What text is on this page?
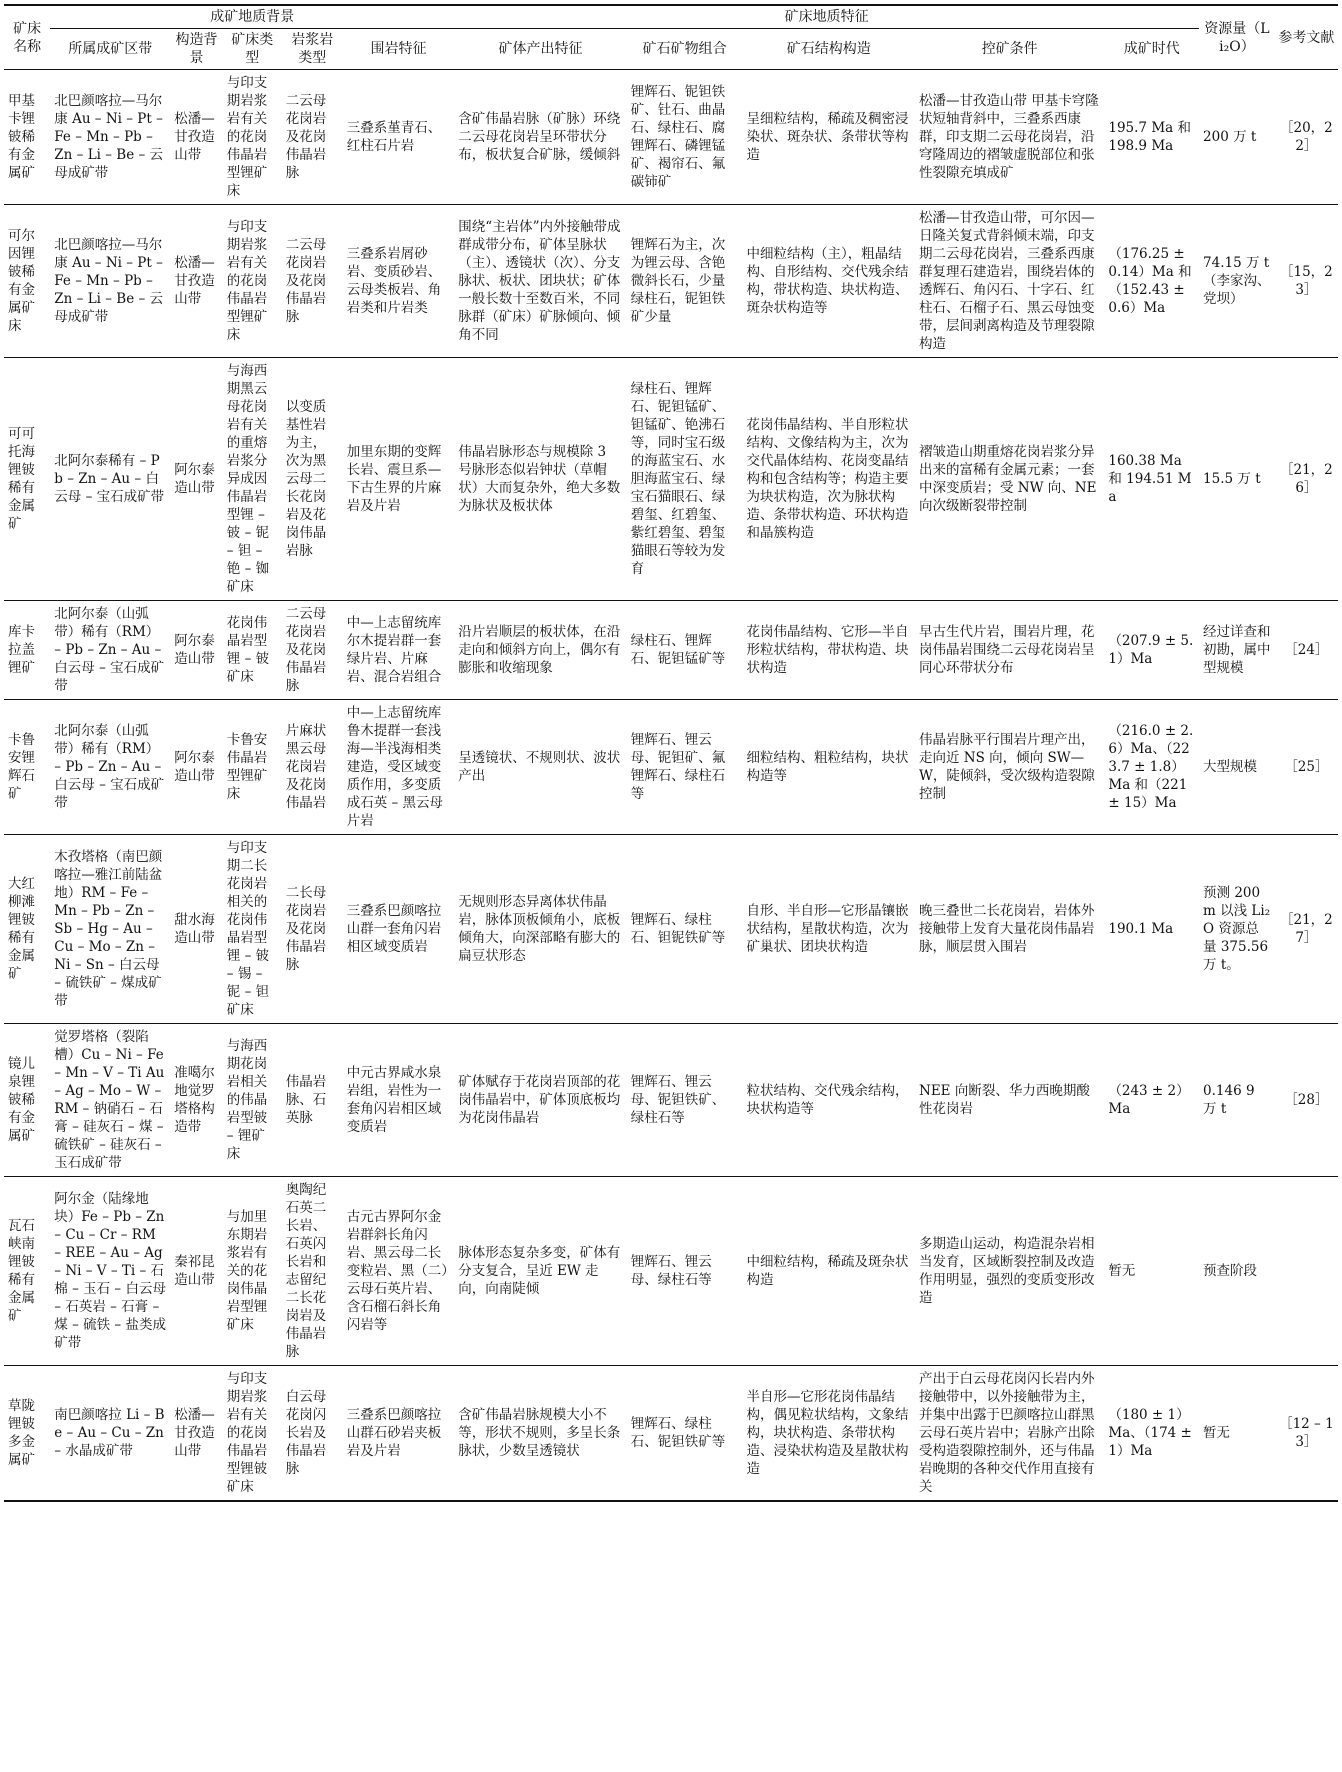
矿床名称	成矿地质背景					矿床地质特征					资源量（Li₂O）	参考文献
	所属成矿区带	构造背景	矿床类型	岩浆岩类型	围岩特征	矿体产出特征	矿石矿物组合	矿石结构构造	控矿条件	成矿时代		
甲基卡锂铍稀有金属矿	北巴颜喀拉—马尔康 Au – Ni – Pt – Fe – Mn – Pb – Zn – Li – Be – 云母成矿带	松潘—甘孜造山带	与印支期岩浆岩有关的花岗伟晶岩型锂矿床	二云母花岗岩及花岗伟晶岩脉	三叠系堇青石、红柱石片岩	含矿伟晶岩脉（矿脉）环绕二云母花岗岩呈环带状分布，板状复合矿脉，缓倾斜	锂辉石、铌钽铁矿、钍石、曲晶石、绿柱石、腐锂辉石、磷锂锰矿、褐帘石、氟碳铈矿	呈细粒结构，稀疏及稠密浸染状、斑杂状、条带状等构造	松潘—甘孜造山带 甲基卡穹隆状短轴背斜中，三叠系西康群，印支期二云母花岗岩，沿穹隆周边的褶皱虚脱部位和张性裂隙充填成矿	195.7 Ma 和 198.9 Ma	200 万 t	［20，22］
可尔因锂铍稀有金属矿床	北巴颜喀拉—马尔康 Au – Ni – Pt – Fe – Mn – Pb – Zn – Li – Be – 云母成矿带	松潘—甘孜造山带	与印支期岩浆岩有关的花岗伟晶岩型锂矿床	二云母花岗岩及花岗伟晶岩脉	三叠系岩屑砂岩、变质砂岩、云母类板岩、角岩类和片岩类	围绕“主岩体”内外接触带成群成带分布，矿体呈脉状（主）、透镜状（次）、分支脉状、板状、团块状；矿体一般长数十至数百米，不同脉群（矿床）矿脉倾向、倾角不同	锂辉石为主，次为锂云母、含铯微斜长石，少量绿柱石，铌钽铁矿少量	中细粒结构（主），粗晶结构、自形结构、交代残余结构，带状构造、块状构造、斑杂状构造等	松潘—甘孜造山带，可尔因—日隆关复式背斜倾末端，印支期二云母花岗岩，三叠系西康群复理石建造岩，围绕岩体的透辉石、角闪石、十字石、红柱石、石榴子石、黑云母蚀变带，层间剥离构造及节理裂隙构造	（176.25 ± 0.14）Ma 和（152.43 ± 0.6）Ma	74.15 万 t（李家沟、党坝）	［15，23］
可可托海锂铍稀有金属矿	北阿尔泰稀有 – Pb – Zn – Au – 白云母 – 宝石成矿带	阿尔泰造山带	与海西期黑云母花岗岩有关的重熔岩浆分异成因伟晶岩型锂 – 铍 – 铌 – 钽 – 铯 – 铷矿床	以变质基性岩为主，次为黑云母二长花岗岩及花岗伟晶岩脉	加里东期的变辉长岩、震旦系—下古生界的片麻岩及片岩	伟晶岩脉形态与规模除 3 号脉形态似岩钟状（草帽状）大而复杂外，绝大多数为脉状及板状体	绿柱石、锂辉石、铌钽锰矿、钽锰矿、铯沸石等，同时宝石级的海蓝宝石、水胆海蓝宝石、绿宝石猫眼石、绿碧玺、红碧玺、紫红碧玺、碧玺猫眼石等较为发育	花岗伟晶结构、半自形粒状结构、文像结构为主，次为交代晶体结构、花岗变晶结构和包含结构等；构造主要为块状构造，次为脉状构造、条带状构造、环状构造和晶簇构造	褶皱造山期重熔花岗岩浆分异出来的富稀有金属元素；一套中深变质岩；受 NW 向、NE 向次级断裂带控制	160.38 Ma 和 194.51 Ma	15.5 万 t	［21，26］
库卡拉盖锂矿	北阿尔泰（山弧带）稀有（RM） – Pb – Zn – Au – 白云母 – 宝石成矿带	阿尔泰造山带	花岗伟晶岩型锂 – 铍矿床	二云母花岗岩及花岗伟晶岩脉	中—上志留统库尔木提岩群一套绿片岩、片麻岩、混合岩组合	沿片岩顺层的板状体，在沿走向和倾斜方向上，偶尔有膨胀和收缩现象	绿柱石、锂辉石、铌钽锰矿等	花岗伟晶结构、它形—半自形粒状结构，带状构造、块状构造	早古生代片岩，围岩片理，花岗伟晶岩围绕二云母花岗岩呈同心环带状分布	（207.9 ± 5.1）Ma	经过详查和初勘，属中型规模	［24］
卡鲁安锂辉石矿	北阿尔泰（山弧带）稀有（RM） – Pb – Zn – Au – 白云母 – 宝石成矿带	阿尔泰造山带	卡鲁安伟晶岩型锂矿床	片麻状黑云母花岗岩及花岗伟晶岩	中—上志留统库鲁木提群一套浅海—半浅海相类建造，受区域变质作用，多变质成石英 – 黑云母片岩	呈透镜状、不规则状、波状产出	锂辉石、锂云母、铌钽矿、氟锂辉石、绿柱石等	细粒结构、粗粒结构，块状构造等	伟晶岩脉平行围岩片理产出，走向近 NS 向，倾向 SW—W，陡倾斜，受次级构造裂隙控制	（216.0 ± 2.6）Ma、（223.7 ± 1.8）Ma 和（221 ± 15）Ma	大型规模	［25］
大红柳滩锂铍稀有金属矿	木孜塔格（南巴颜喀拉—雅江前陆盆地）RM – Fe – Mn – Pb – Zn – Sb – Hg – Au – Cu – Mo – Zn – Ni – Sn – 白云母 – 硫铁矿 – 煤成矿带	甜水海造山带	与印支期二长花岗岩相关的花岗伟晶岩型锂 – 铍 – 锡 – 铌 – 钽矿床	二长母花岗岩及花岗伟晶岩脉	三叠系巴颜喀拉山群一套角闪岩相区域变质岩	无规则形态异离体状伟晶岩，脉体顶板倾角小，底板倾角大，向深部略有膨大的扁豆状形态	锂辉石、绿柱石、钽铌铁矿等	自形、半自形—它形晶镶嵌状结构，星散状构造，次为矿巢状、团块状构造	晚三叠世二长花岗岩，岩体外接触带上发育大量花岗伟晶岩脉，顺层贯入围岩	190.1 Ma	预测 200 m 以浅 Li₂O 资源总量 375.56 万 t。	［21，27］
镜儿泉锂铍稀有金属矿	觉罗塔格（裂陷槽）Cu – Ni – Fe – Mn – V – Ti Au – Ag – Mo – W – RM – 钠硝石 – 石膏 – 硅灰石 – 煤 – 硫铁矿 – 硅灰石 – 玉石成矿带	准噶尔地觉罗塔格构造带	与海西期花岗岩相关的伟晶岩型铍 – 锂矿床	伟晶岩脉、石英脉	中元古界咸水泉岩组，岩性为一套角闪岩相区域变质岩	矿体赋存于花岗岩顶部的花岗伟晶岩中，矿体顶底板均为花岗伟晶岩	锂辉石、锂云母、铌钽铁矿、绿柱石等	粒状结构、交代残余结构，块状构造等	NEE 向断裂、华力西晚期酸性花岗岩	（243 ± 2）Ma	0.146 9 万 t	［28］
瓦石峡南锂铍稀有金属矿	阿尔金（陆缘地块）Fe – Pb – Zn – Cu – Cr – RM – REE – Au – Ag – Ni – V – Ti – 石棉 – 玉石 – 白云母 – 石英岩 – 石膏 – 煤 – 硫铁 – 盐类成矿带	秦祁昆造山带	与加里东期岩浆岩有关的花岗伟晶岩型锂矿床	奥陶纪石英二长岩、石英闪长岩和志留纪二长花岗岩及伟晶岩脉	古元古界阿尔金岩群斜长角闪岩、黑云母二长变粒岩、黑（二）云母石英片岩、含石榴石斜长角闪岩等	脉体形态复杂多变，矿体有分支复合，呈近 EW 走向，向南陡倾	锂辉石、锂云母、绿柱石等	中细粒结构，稀疏及斑杂状构造	多期造山运动，构造混杂岩相当发育，区域断裂控制及改造作用明显，强烈的变质变形改造	暂无	预查阶段	
草陇锂铍多金属矿	南巴颜喀拉 Li – Be – Au – Cu – Zn – 水晶成矿带	松潘—甘孜造山带	与印支期岩浆岩有关的花岗伟晶岩型锂铍矿床	白云母花岗闪长岩及伟晶岩脉	三叠系巴颜喀拉山群石砂岩夹板岩及片岩	含矿伟晶岩脉规模大小不等，形状不规则，多呈长条脉状，少数呈透镜状	锂辉石、绿柱石、铌钽铁矿等	半自形—它形花岗伟晶结构，偶见粒状结构，文象结构，块状构造、条带状构造、浸染状构造及星散状构造	产出于白云母花岗闪长岩内外接触带中，以外接触带为主，并集中出露于巴颜喀拉山群黑云母石英片岩中；岩脉产出除受构造裂隙控制外，还与伟晶岩晚期的各种交代作用直接有关	（180 ± 1）Ma、（174 ± 1）Ma	暂无	［12 – 13］
